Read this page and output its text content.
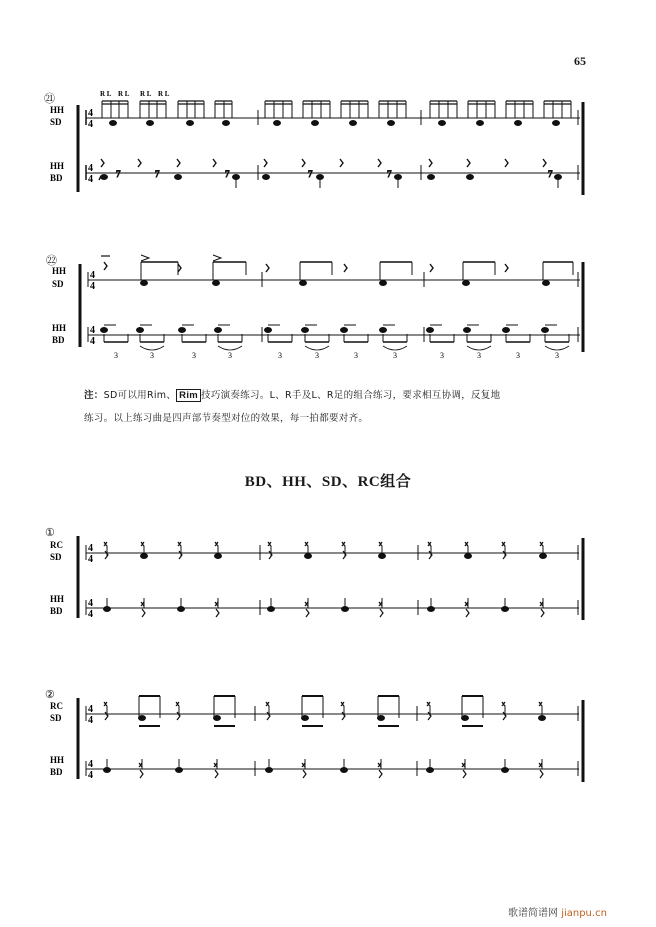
65
㉑
HH
SD
HH
BD
R L R L R L R L
4
4
4
4	7	7	7	7	7	7
㉒
HH
SD
HH
BD
4
4
4
4
3	3	3	3	3	3	3	3	3	3	3	3
注：SD可以用Rim、 Rim 技巧演奏练习。L、R手及L、R足的组合练习，要求相互协调，反复地
练习。以上练习曲是四声部节奏型对位的效果，每一拍都要对齐。
BD、HH、SD、RC组合
①
RC
SD
HH
BD
4
4
4
4
②
RC
SD
HH
BD
4
4
4
4
歌谱简谱网 jianpu.cn
